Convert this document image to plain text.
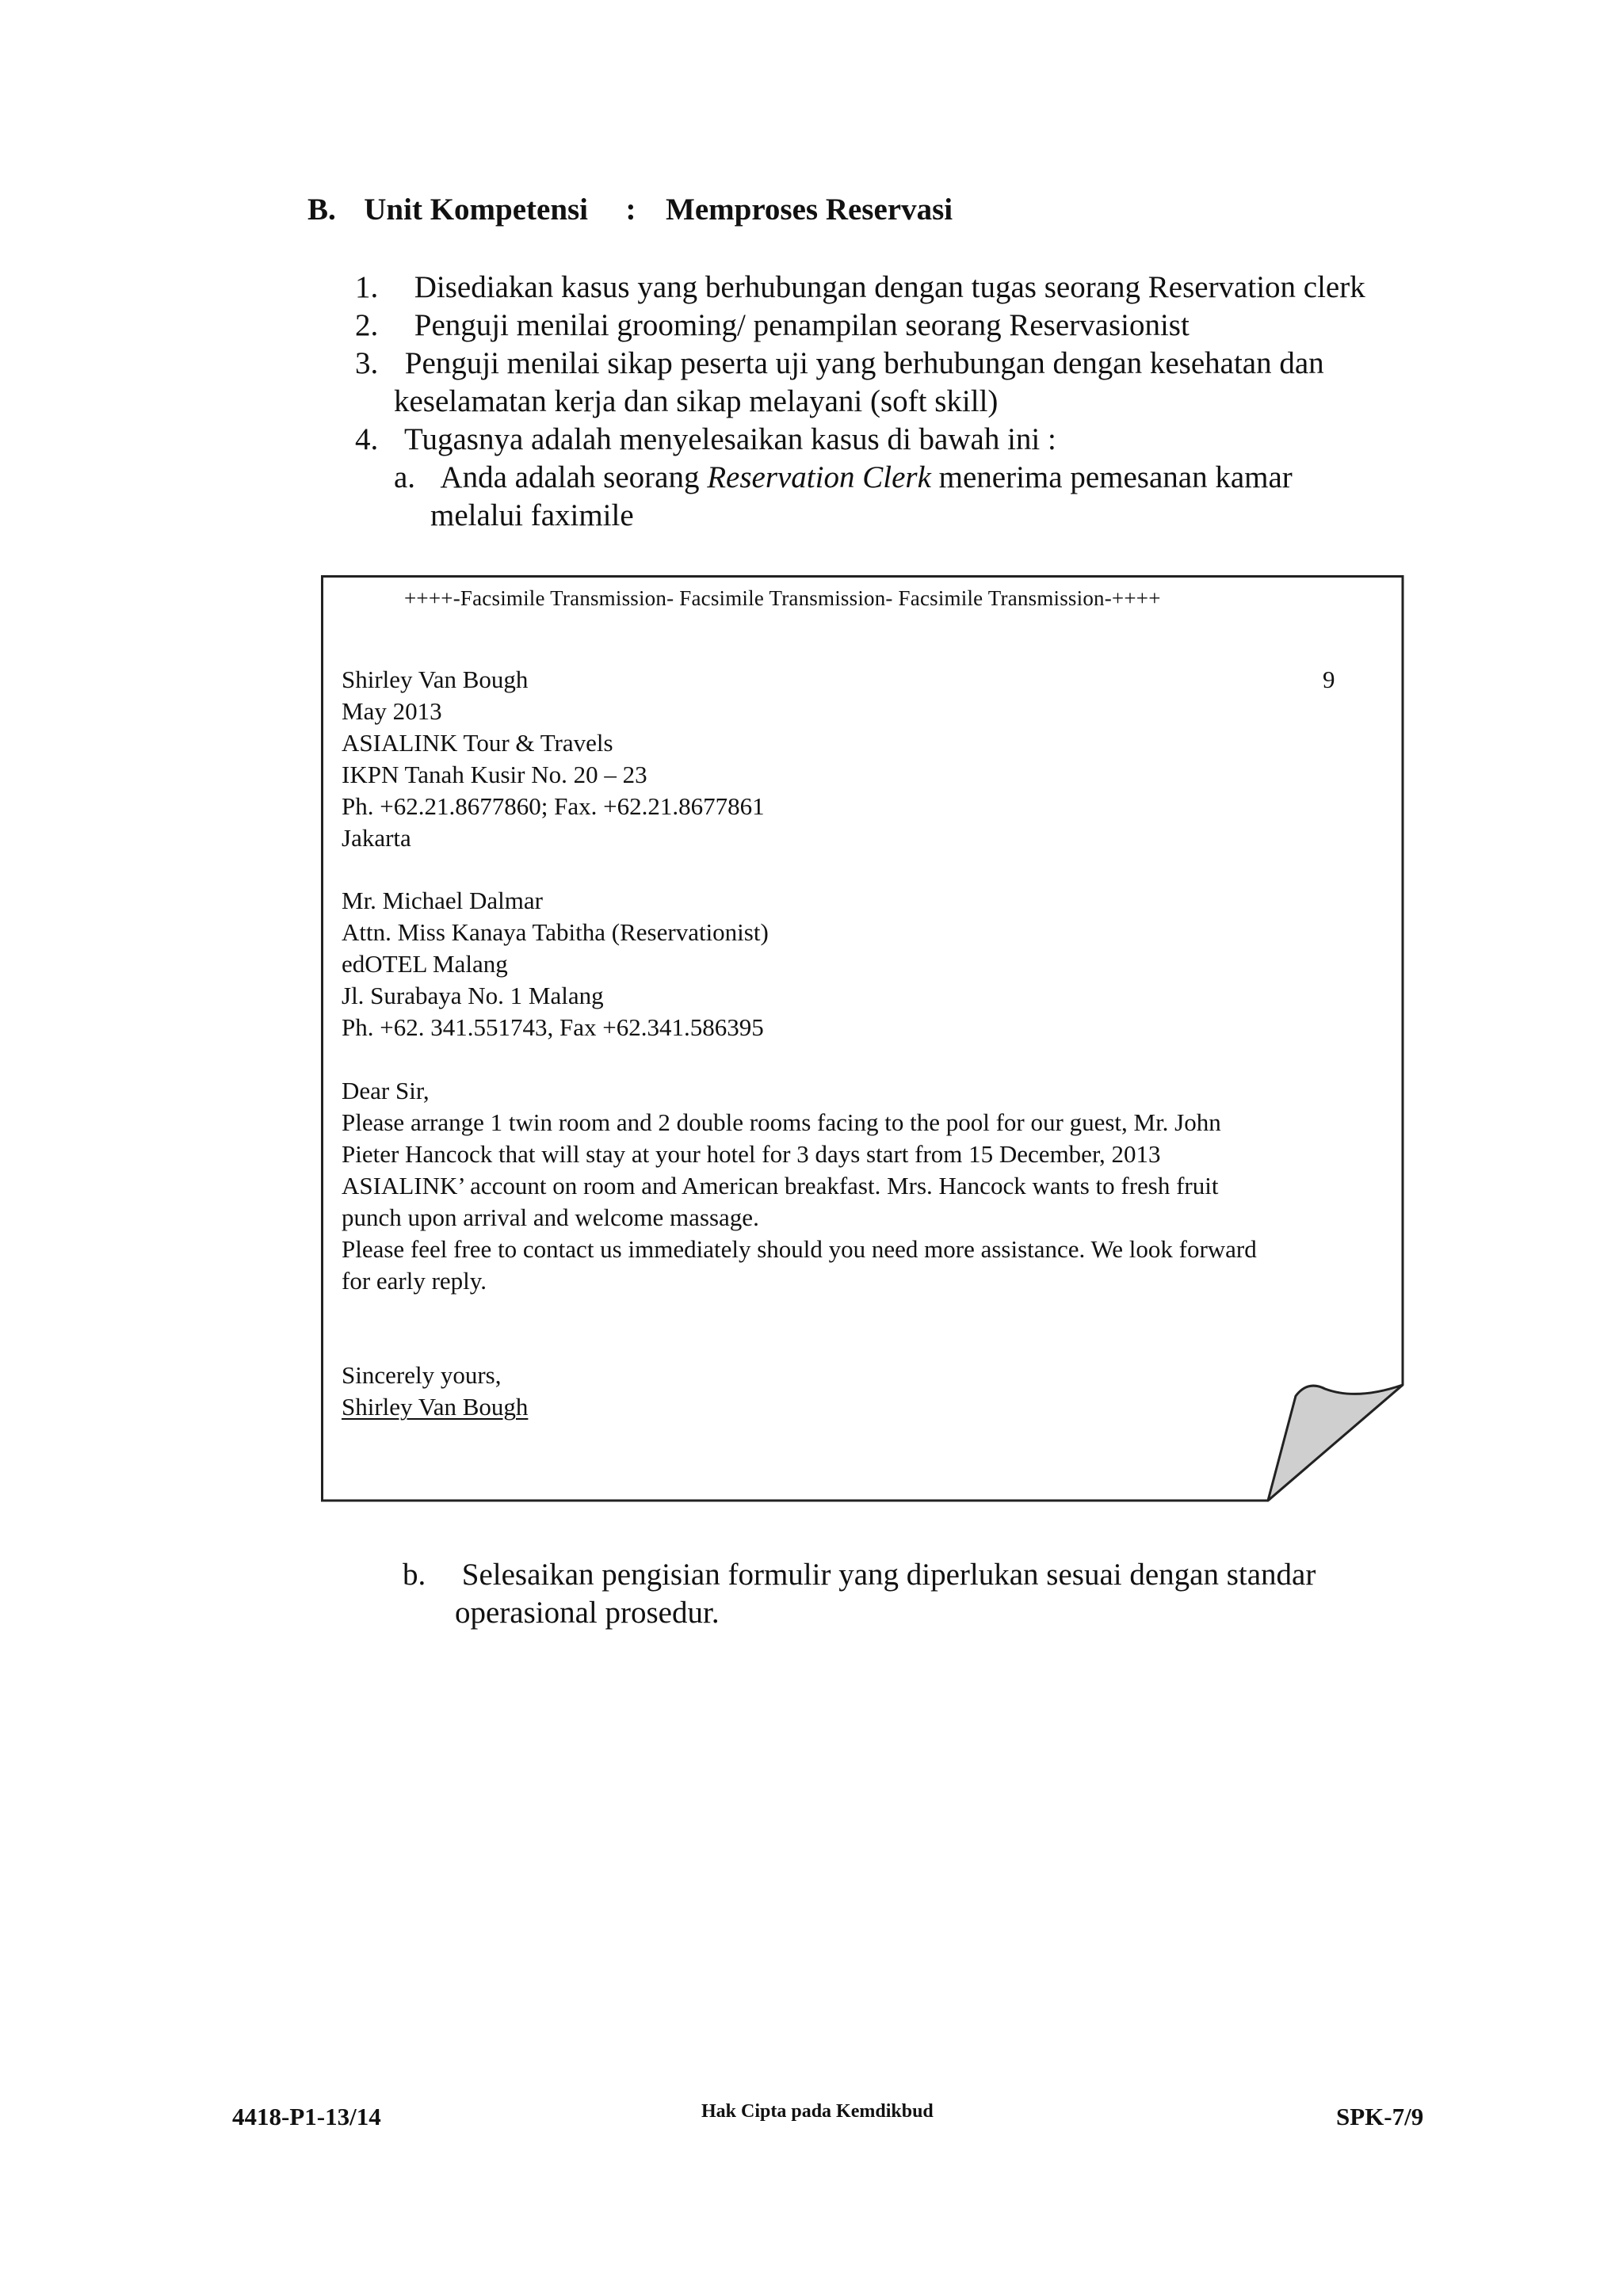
B. Unit Kompetensi : Memproses Reservasi
1. Disediakan kasus yang berhubungan dengan tugas seorang Reservation clerk
2. Penguji menilai grooming/ penampilan seorang Reservasionist
3. Penguji menilai sikap peserta uji yang berhubungan dengan kesehatan dan
keselamatan kerja dan sikap melayani (soft skill)
4. Tugasnya adalah menyelesaikan kasus di bawah ini :
a. Anda adalah seorang Reservation Clerk menerima pemesanan kamar
melalui faximile
++++-Facsimile Transmission- Facsimile Transmission- Facsimile Transmission-++++
Shirley Van Bough	9
May 2013
ASIALINK Tour & Travels
IKPN Tanah Kusir No. 20 – 23
Ph. +62.21.8677860; Fax. +62.21.8677861
Jakarta
Mr. Michael Dalmar
Attn. Miss Kanaya Tabitha (Reservationist)
edOTEL Malang
Jl. Surabaya No. 1 Malang
Ph. +62. 341.551743, Fax +62.341.586395
Dear Sir,
Please arrange 1 twin room and 2 double rooms facing to the pool for our guest, Mr. John
Pieter Hancock that will stay at your hotel for 3 days start from 15 December, 2013
ASIALINK’ account on room and American breakfast. Mrs. Hancock wants to fresh fruit
punch upon arrival and welcome massage.
Please feel free to contact us immediately should you need more assistance. We look forward
for early reply.
Sincerely yours,
Shirley Van Bough
b. Selesaikan pengisian formulir yang diperlukan sesuai dengan standar
operasional prosedur.
4418-P1-13/14	Hak Cipta pada Kemdikbud	SPK-7/9
